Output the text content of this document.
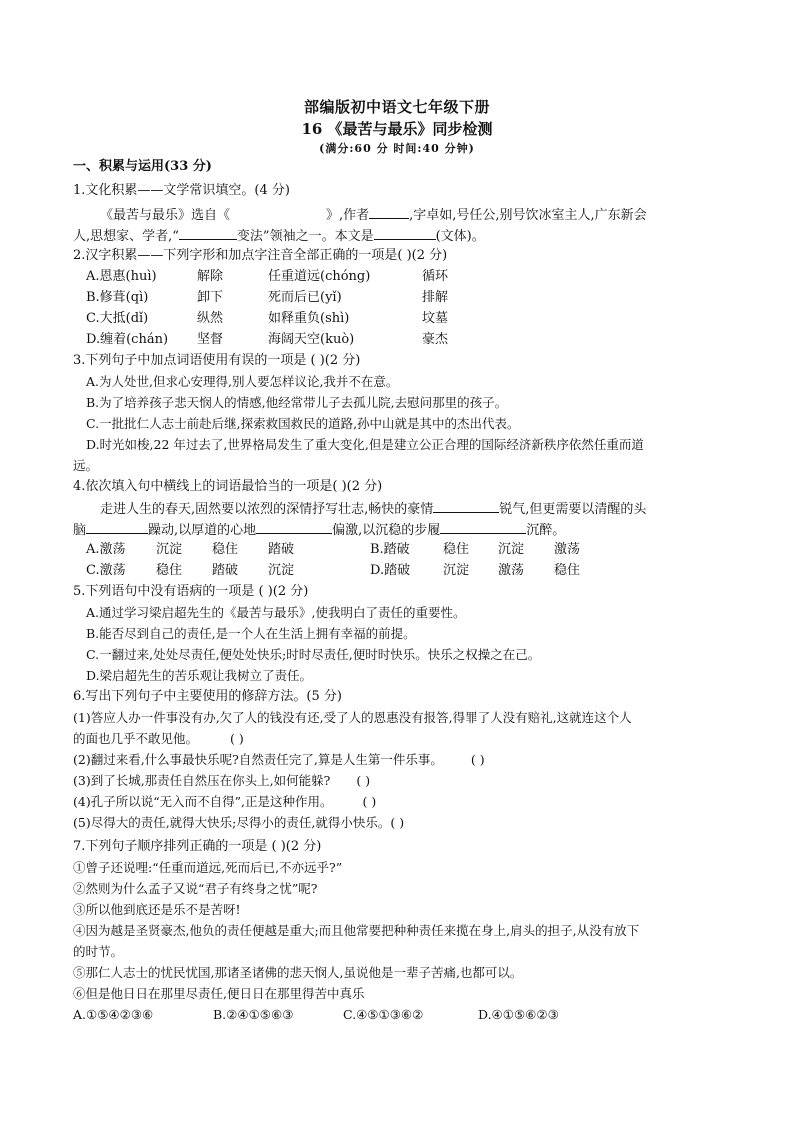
部编版初中语文七年级下册
16 《最苦与最乐》同步检测
(满分:60 分 时间:40 分钟)
一、积累与运用(33 分)
1.文化积累——文学常识填空。(4 分)
《最苦与最乐》选自《	》,作者	,字卓如,号任公,别号饮冰室主人,广东新会
人,思想家、学者,“	变法”领袖之一。本文是	(文体)。
2.汉字积累——下列字形和加点字注音全部正确的一项是( )(2 分)
A.恩惠(huì)	解除	任重道远(chóng)	循环
B.修葺(qì)	卸下	死而后已(yǐ)	排解
C.大抵(dǐ)	纵然	如释重负(shì)	坟墓
D.缠着(chán) 坚督	海阔天空(kuò)	豪杰
3.下列句子中加点词语使用有误的一项是 ( )(2 分)
A.为人处世,但求心安理得,别人要怎样议论,我并不在意。
B.为了培养孩子悲天悯人的情感,他经常带儿子去孤儿院,去慰问那里的孩子。
C.一批批仁人志士前赴后继,探索救国救民的道路,孙中山就是其中的杰出代表。
D.时光如梭,22 年过去了,世界格局发生了重大变化,但是建立公正合理的国际经济新秩序依然任重而道
远。
4.依次填入句中横线上的词语最恰当的一项是( )(2 分)
走进人生的春天,固然要以浓烈的深情抒写壮志,畅快的豪情	锐气,但更需要以清醒的头
脑	躁动,以厚道的心地	偏激,以沉稳的步履	沉醉。
A.激荡 沉淀 稳住 踏破	B.踏破	稳住 沉淀 激荡
C.激荡 稳住 踏破 沉淀	D.踏破	沉淀 激荡 稳住
5.下列语句中没有语病的一项是 ( )(2 分)
A.通过学习梁启超先生的《最苦与最乐》,使我明白了责任的重要性。
B.能否尽到自己的责任,是一个人在生活上拥有幸福的前提。
C.一翻过来,处处尽责任,便处处快乐;时时尽责任,便时时快乐。快乐之权操之在己。
D.梁启超先生的苦乐观让我树立了责任。
6.写出下列句子中主要使用的修辞方法。(5 分)
(1)答应人办一件事没有办,欠了人的钱没有还,受了人的恩惠没有报答,得罪了人没有赔礼,这就连这个人
的面也几乎不敢见他。	( )
(2)翻过来看,什么事最快乐呢?自然责任完了,算是人生第一件乐事。 ( )
(3)到了长城,那责任自然压在你头上,如何能躲? ( )
(4)孔子所以说“无入而不自得”,正是这种作用。 ( )
(5)尽得大的责任,就得大快乐;尽得小的责任,就得小快乐。( )
7.下列句子顺序排列正确的一项是 ( )(2 分)
①曾子还说哩:“任重而道远,死而后已,不亦远乎?”
②然则为什么孟子又说“君子有终身之忧”呢?
③所以他到底还是乐不是苦呀!
④因为越是圣贤豪杰,他负的责任便越是重大;而且他常要把种种责任来揽在身上,肩头的担子,从没有放下
的时节。
⑤那仁人志士的忧民忧国,那诸圣诸佛的悲天悯人,虽说他是一辈子苦痛,也都可以。
⑥但是他日日在那里尽责任,便日日在那里得苦中真乐
A.①⑤④②③⑥	B.②④①⑤⑥③	C.④⑤①③⑥②	D.④①⑤⑥②③
